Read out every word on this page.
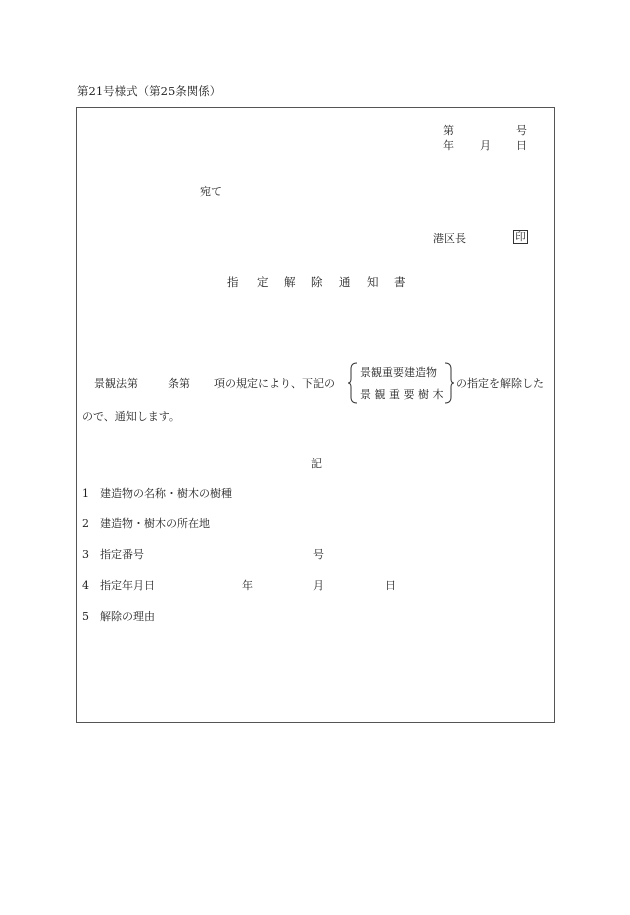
第21号様式（第25条関係）
第	号
年 月 日
宛て
港区長	印
指 定 解 除 通 知 書
景観法第	条第 項の規定により、下記の
景観重要建造物
景 観 重 要 樹 木
の指定を解除した
ので、通知します。
記
1 建造物の名称・樹木の樹種
2 建造物・樹木の所在地
3 指定番号	号
4 指定年月日	年	月	日
5 解除の理由
